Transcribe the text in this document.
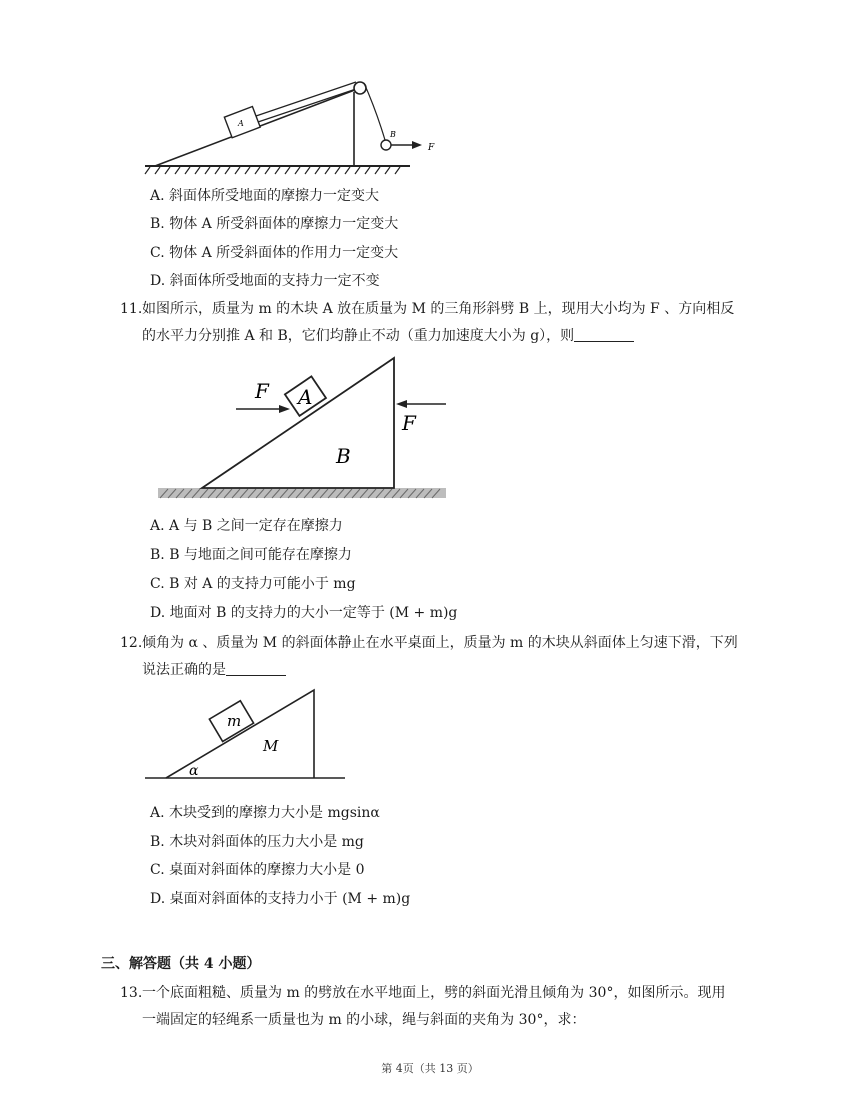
A
B
F
A. 斜面体所受地面的摩擦力一定变大
B. 物体 A 所受斜面体的摩擦力一定变大
C. 物体 A 所受斜面体的作用力一定变大
D. 斜面体所受地面的支持力一定不变
11.如图所示，质量为 m 的木块 A 放在质量为 M 的三角形斜劈 B 上，现用大小均为 F 、方向相反
的水平力分别推 A 和 B，它们均静止不动（重力加速度大小为 g），则
A
B
F
F
A. A 与 B 之间一定存在摩擦力
B. B 与地面之间可能存在摩擦力
C. B 对 A 的支持力可能小于 mg
D. 地面对 B 的支持力的大小一定等于 (M + m)g
12.倾角为 α 、质量为 M 的斜面体静止在水平桌面上，质量为 m 的木块从斜面体上匀速下滑，下列
说法正确的是
m
M
α
A. 木块受到的摩擦力大小是 mgsinα
B. 木块对斜面体的压力大小是 mg
C. 桌面对斜面体的摩擦力大小是 0
D. 桌面对斜面体的支持力小于 (M + m)g
三、解答题（共 4 小题）
13.一个底面粗糙、质量为 m 的劈放在水平地面上，劈的斜面光滑且倾角为 30°，如图所示。现用
一端固定的轻绳系一质量也为 m 的小球，绳与斜面的夹角为 30°，求：
第 4页（共 13 页）
